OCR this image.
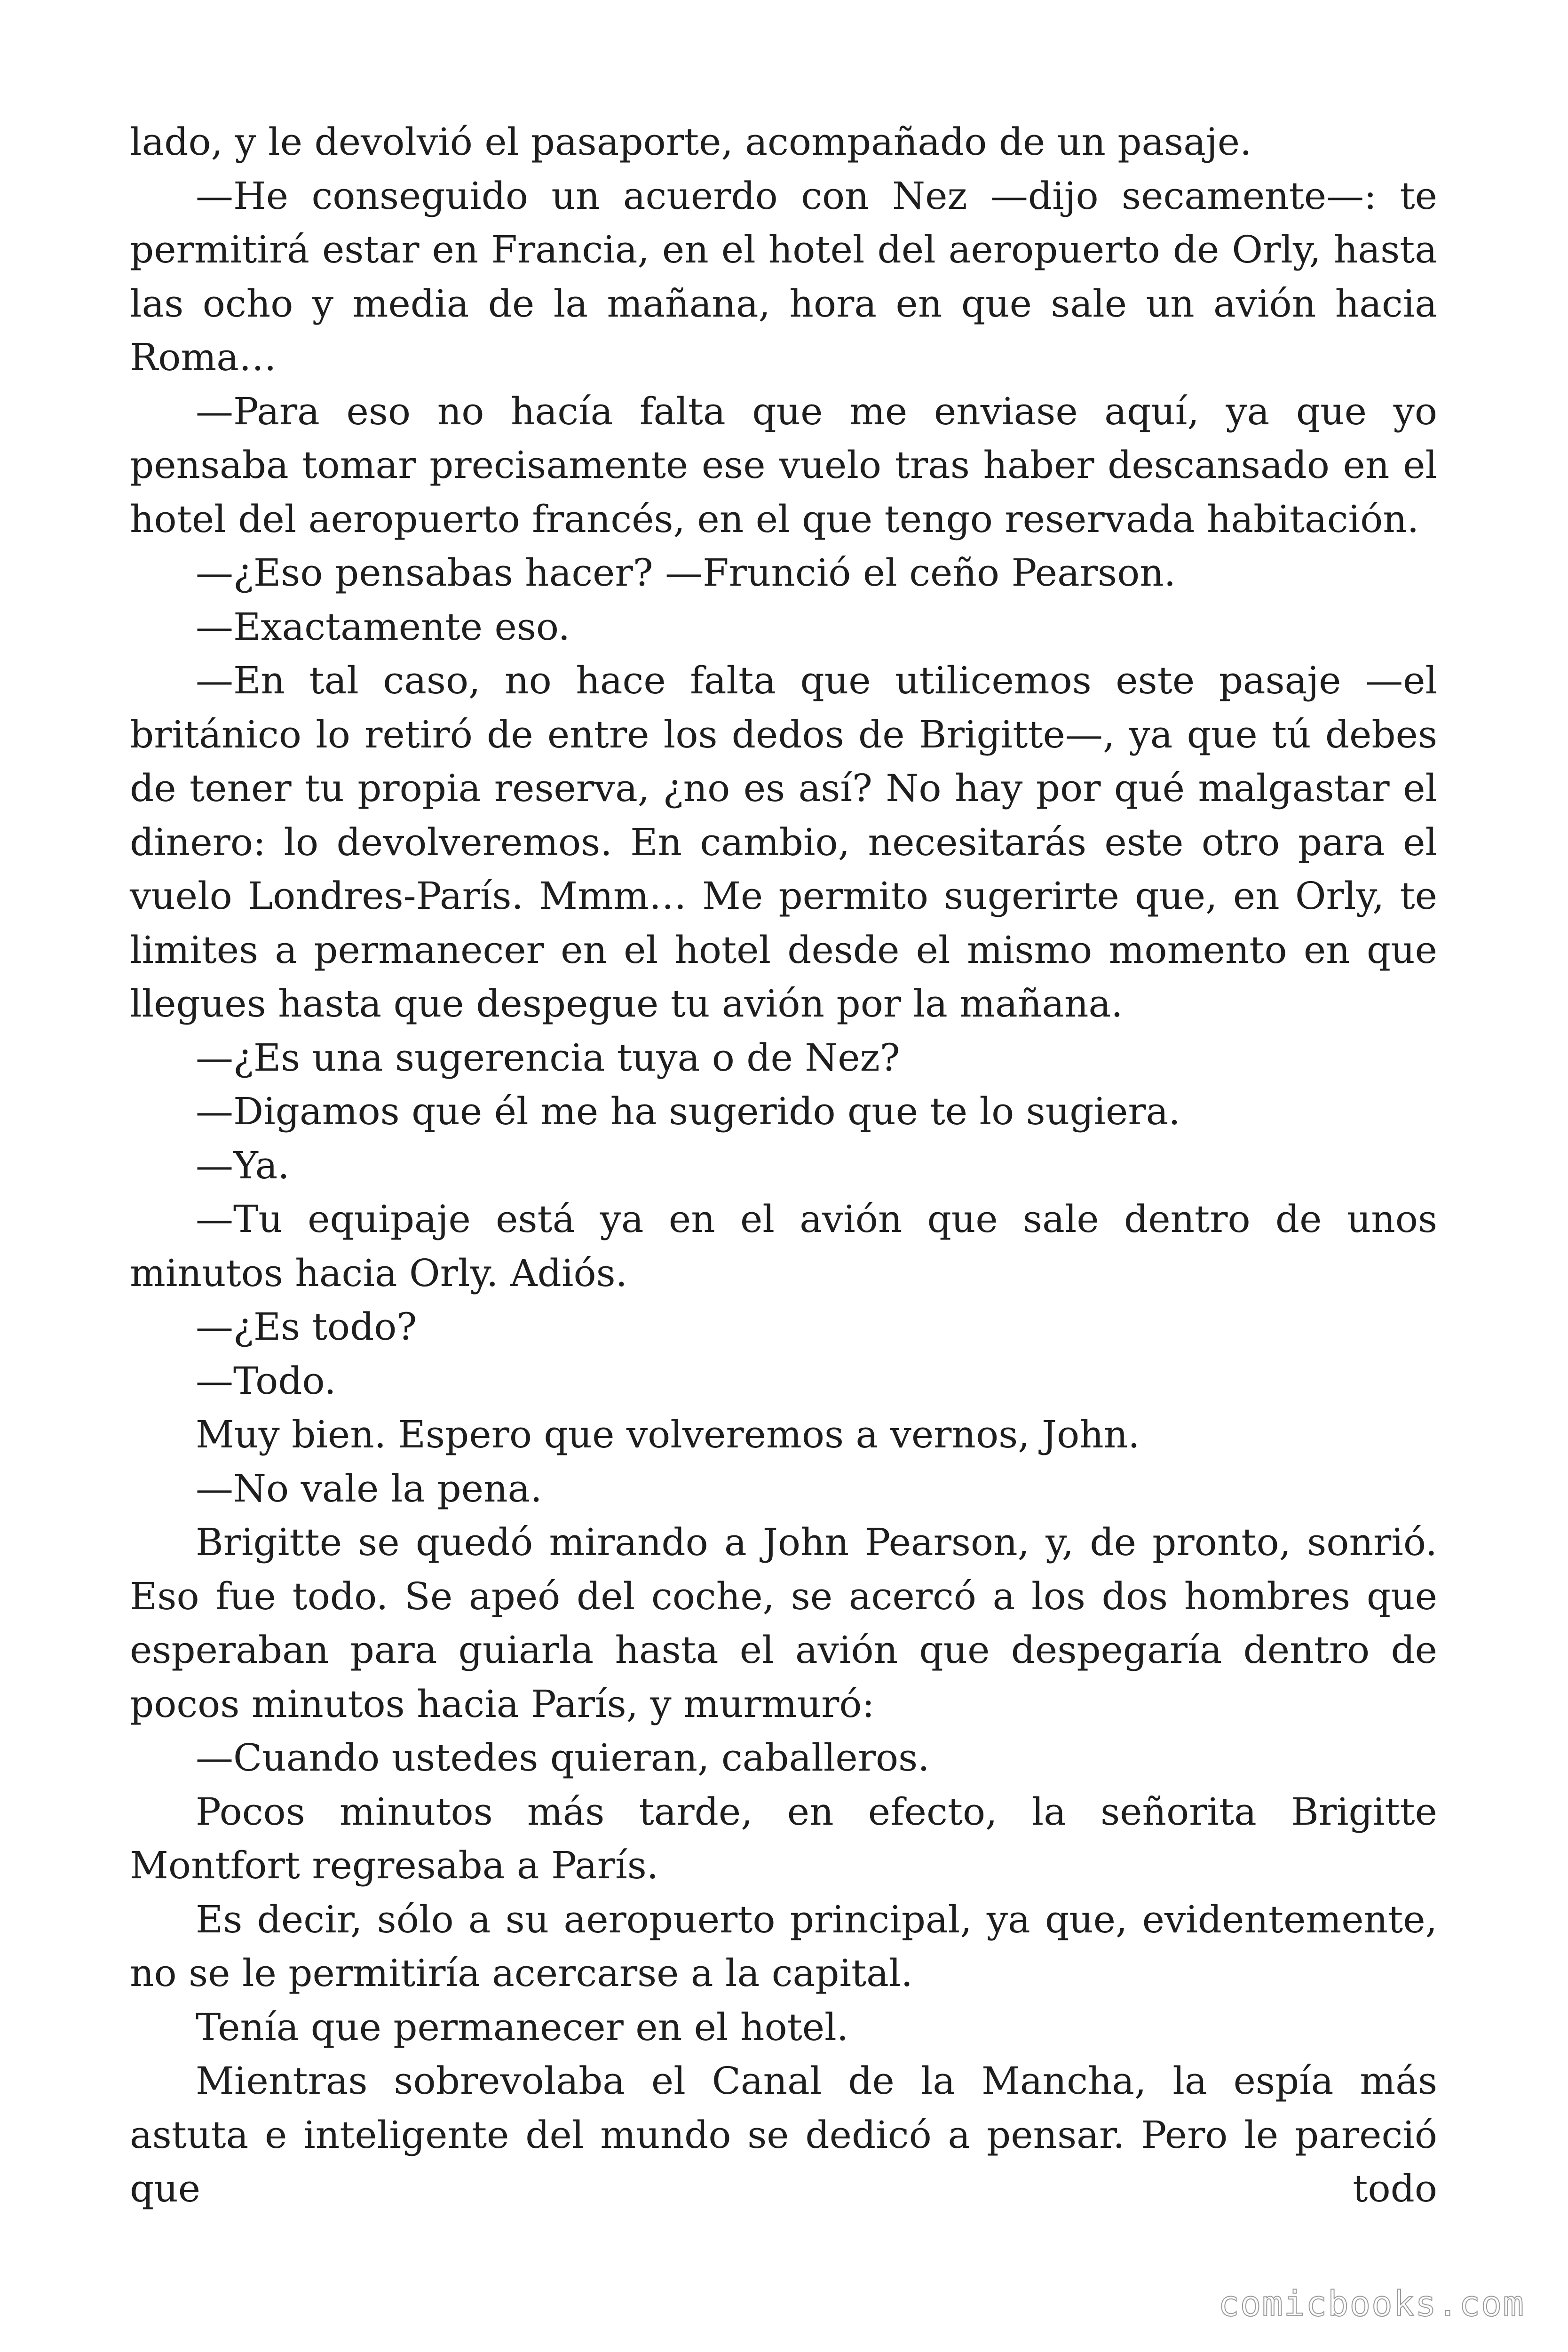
lado, y le devolvió el pasaporte, acompañado de un pasaje.

—He conseguido un acuerdo con Nez —dijo secamente—: te permitirá estar en Francia, en el hotel del aeropuerto de Orly, hasta las ocho y media de la mañana, hora en que sale un avión hacia Roma…

—Para eso no hacía falta que me enviase aquí, ya que yo pensaba tomar precisamente ese vuelo tras haber descansado en el hotel del aeropuerto francés, en el que tengo reservada habitación.

—¿Eso pensabas hacer? —Frunció el ceño Pearson.

—Exactamente eso.

—En tal caso, no hace falta que utilicemos este pasaje —el británico lo retiró de entre los dedos de Brigitte—, ya que tú debes de tener tu propia reserva, ¿no es así? No hay por qué malgastar el dinero: lo devolveremos. En cambio, necesitarás este otro para el vuelo Londres-París. Mmm… Me permito sugerirte que, en Orly, te limites a permanecer en el hotel desde el mismo momento en que llegues hasta que despegue tu avión por la mañana.

—¿Es una sugerencia tuya o de Nez?

—Digamos que él me ha sugerido que te lo sugiera.

—Ya.

—Tu equipaje está ya en el avión que sale dentro de unos minutos hacia Orly. Adiós.

—¿Es todo?

—Todo.

Muy bien. Espero que volveremos a vernos, John.

—No vale la pena.

Brigitte se quedó mirando a John Pearson, y, de pronto, sonrió. Eso fue todo. Se apeó del coche, se acercó a los dos hombres que esperaban para guiarla hasta el avión que despegaría dentro de pocos minutos hacia París, y murmuró:

—Cuando ustedes quieran, caballeros.

Pocos minutos más tarde, en efecto, la señorita Brigitte Montfort regresaba a París.

Es decir, sólo a su aeropuerto principal, ya que, evidentemente, no se le permitiría acercarse a la capital.

Tenía que permanecer en el hotel.

Mientras sobrevolaba el Canal de la Mancha, la espía más astuta e inteligente del mundo se dedicó a pensar. Pero le pareció que todo

comicbooks.com
